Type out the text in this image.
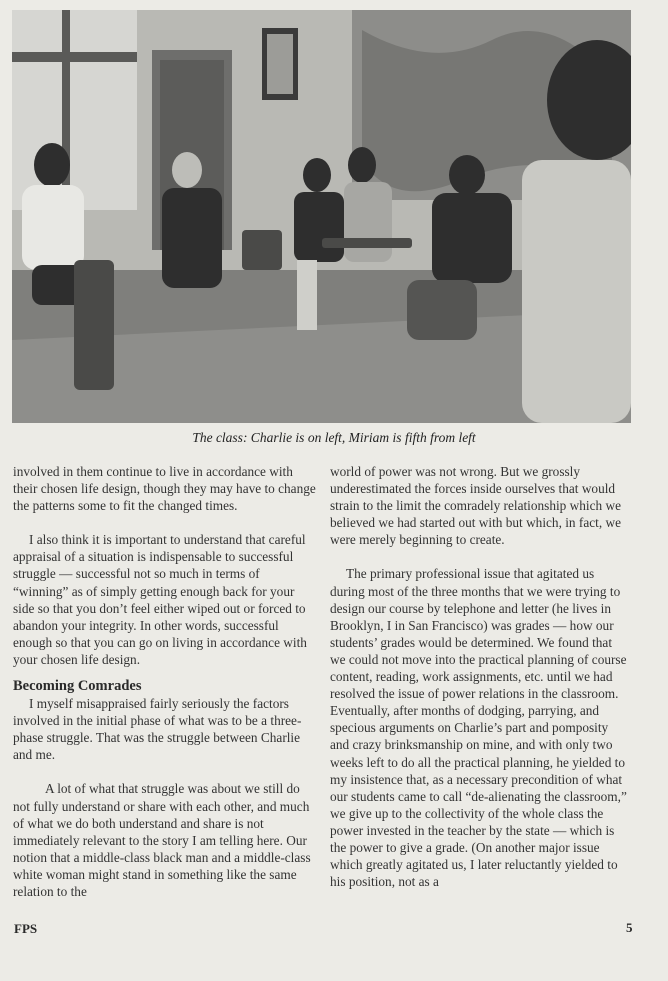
The class: Charlie is on left, Miriam is fifth from left

involved in them continue to live in accordance with their chosen life design, though they may have to change the patterns some to fit the changed times.

I also think it is important to understand that careful appraisal of a situation is indispensable to successful struggle — successful not so much in terms of “winning” as of simply getting enough back for your side so that you don’t feel either wiped out or forced to abandon your integrity. In other words, successful enough so that you can go on living in accordance with your chosen life design.

Becoming Comrades

I myself misappraised fairly seriously the factors involved in the initial phase of what was to be a three-phase struggle. That was the struggle between Charlie and me.

A lot of what that struggle was about we still do not fully understand or share with each other, and much of what we do both understand and share is not immediately relevant to the story I am telling here. Our notion that a middle-class black man and a middle-class white woman might stand in something like the same relation to the

world of power was not wrong. But we grossly underestimated the forces inside ourselves that would strain to the limit the comradely relationship which we believed we had started out with but which, in fact, we were merely beginning to create.

The primary professional issue that agitated us during most of the three months that we were trying to design our course by telephone and letter (he lives in Brooklyn, I in San Francisco) was grades — how our students’ grades would be determined. We found that we could not move into the practical planning of course content, reading, work assignments, etc. until we had resolved the issue of power relations in the classroom. Eventually, after months of dodging, parrying, and specious arguments on Charlie’s part and pomposity and crazy brinksmanship on mine, and with only two weeks left to do all the practical planning, he yielded to my insistence that, as a necessary precondition of what our students came to call “de-alienating the classroom,” we give up to the collectivity of the whole class the power invested in the teacher by the state — which is the power to give a grade. (On another major issue which greatly agitated us, I later reluctantly yielded to his position, not as a

FPS	5
